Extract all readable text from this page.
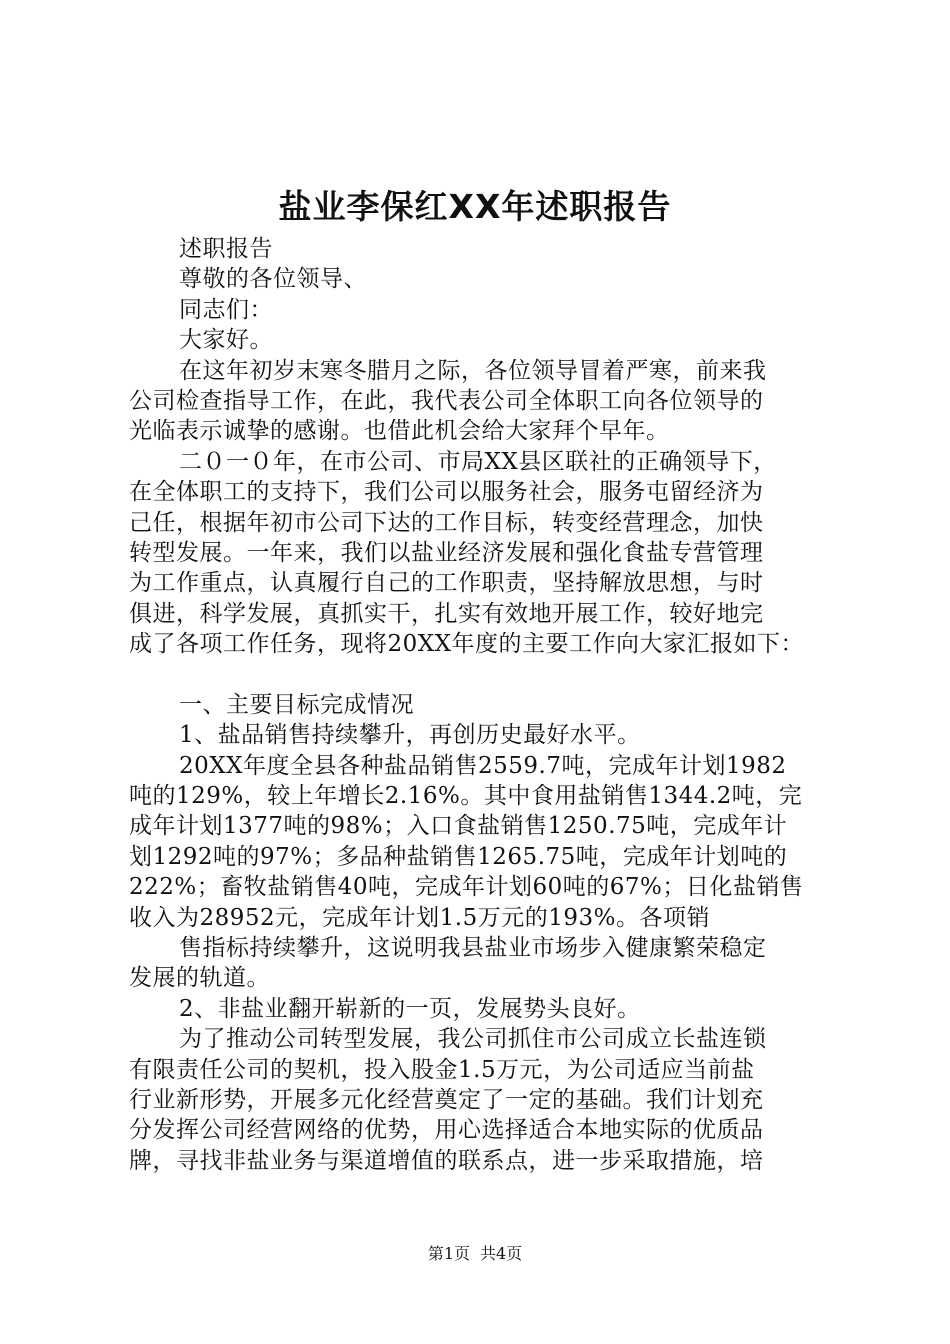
盐业李保红XX年述职报告
述职报告
尊敬的各位领导、
同志们：
大家好。
在这年初岁末寒冬腊月之际，各位领导冒着严寒，前来我
公司检查指导工作，在此，我代表公司全体职工向各位领导的
光临表示诚挚的感谢。也借此机会给大家拜个早年。
二０一０年，在市公司、市局XX县区联社的正确领导下，
在全体职工的支持下，我们公司以服务社会，服务屯留经济为
己任，根据年初市公司下达的工作目标，转变经营理念，加快
转型发展。一年来，我们以盐业经济发展和强化食盐专营管理
为工作重点，认真履行自己的工作职责，坚持解放思想，与时
俱进，科学发展，真抓实干，扎实有效地开展工作，较好地完
成了各项工作任务，现将20XX年度的主要工作向大家汇报如下：
一、主要目标完成情况
1、盐品销售持续攀升，再创历史最好水平。
20XX年度全县各种盐品销售2559.7吨，完成年计划1982
吨的129%，较上年增长2.16%。其中食用盐销售1344.2吨，完
成年计划1377吨的98%；入口食盐销售1250.75吨，完成年计
划1292吨的97%；多品种盐销售1265.75吨，完成年计划吨的
222%；畜牧盐销售40吨，完成年计划60吨的67%；日化盐销售
收入为28952元，完成年计划1.5万元的193%。各项销
售指标持续攀升，这说明我县盐业市场步入健康繁荣稳定
发展的轨道。
2、非盐业翻开崭新的一页，发展势头良好。
为了推动公司转型发展，我公司抓住市公司成立长盐连锁
有限责任公司的契机，投入股金1.5万元，为公司适应当前盐
行业新形势，开展多元化经营奠定了一定的基础。我们计划充
分发挥公司经营网络的优势，用心选择适合本地实际的优质品
牌，寻找非盐业务与渠道增值的联系点，进一步采取措施，培
第1页 共4页
